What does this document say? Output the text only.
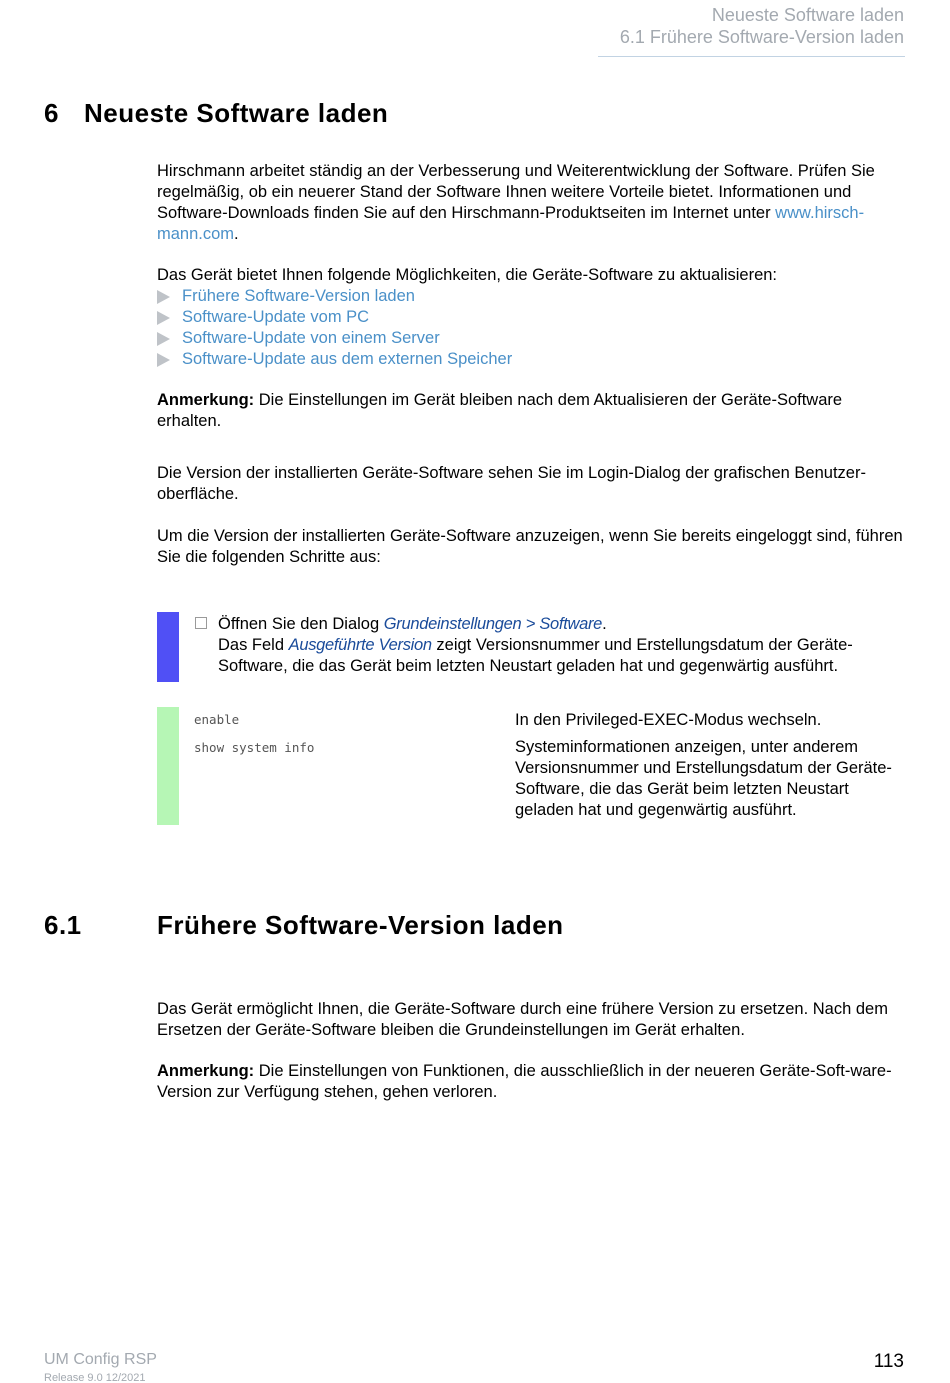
Neueste Software laden
6.1 Frühere Software-Version laden
6 Neueste Software laden

Hirschmann arbeitet ständig an der Verbesserung und Weiterentwicklung der Software. Prüfen Sie regelmäßig, ob ein neuerer Stand der Software Ihnen weitere Vorteile bietet. Informationen und Software-Downloads finden Sie auf den Hirschmann-Produktseiten im Internet unter www.hirsch-mann.com.

Das Gerät bietet Ihnen folgende Möglichkeiten, die Geräte-Software zu aktualisieren:

Frühere Software-Version laden
Software-Update vom PC
Software-Update von einem Server
Software-Update aus dem externen Speicher

Anmerkung: Die Einstellungen im Gerät bleiben nach dem Aktualisieren der Geräte-Software erhalten.

Die Version der installierten Geräte-Software sehen Sie im Login-Dialog der grafischen Benutzer-oberfläche.

Um die Version der installierten Geräte-Software anzuzeigen, wenn Sie bereits eingeloggt sind, führen Sie die folgenden Schritte aus:

Öffnen Sie den Dialog Grundeinstellungen > Software.
Das Feld Ausgeführte Version zeigt Versionsnummer und Erstellungsdatum der Geräte-Software, die das Gerät beim letzten Neustart geladen hat und gegenwärtig ausführt.
enable	In den Privileged-EXEC-Modus wechseln.
show system info	Systeminformationen anzeigen, unter anderem Versionsnummer und Erstellungsdatum der Geräte-Software, die das Gerät beim letzten Neustart geladen hat und gegenwärtig ausführt.
6.1	Frühere Software-Version laden

Das Gerät ermöglicht Ihnen, die Geräte-Software durch eine frühere Version zu ersetzen. Nach dem Ersetzen der Geräte-Software bleiben die Grundeinstellungen im Gerät erhalten.

Anmerkung: Die Einstellungen von Funktionen, die ausschließlich in der neueren Geräte-Soft-ware-Version zur Verfügung stehen, gehen verloren.

UM Config RSP
Release 9.0 12/2021
113
